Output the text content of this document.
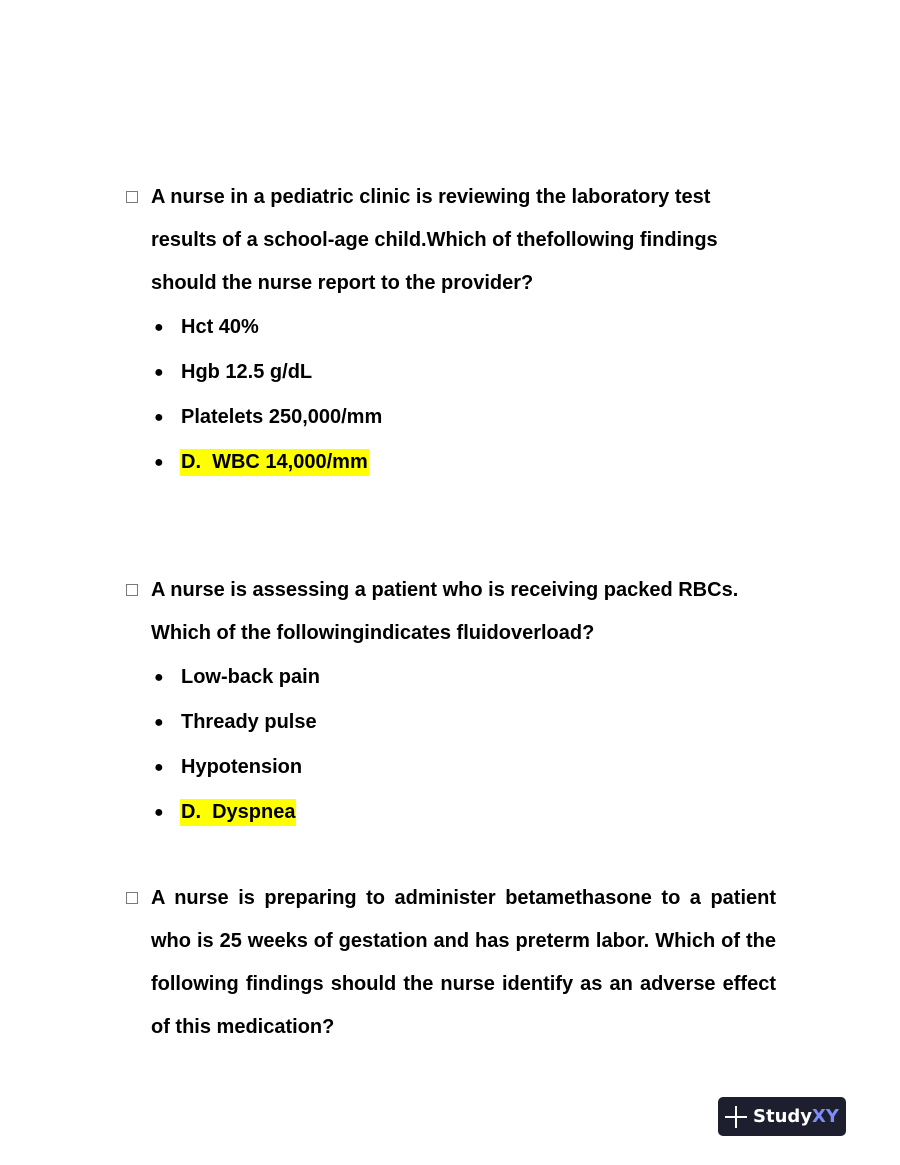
A nurse in a pediatric clinic is reviewing the laboratory test results of a school-age child.Which of thefollowing findings should the nurse report to the provider?
● Hct 40%
● Hgb 12.5 g/dL
● Platelets 250,000/mm
● D.  WBC 14,000/mm
A nurse is assessing a patient who is receiving packed RBCs. Which of the followingindicates fluidoverload?
● Low-back pain
● Thready pulse
● Hypotension
● D.  Dyspnea
A nurse is preparing to administer betamethasone to a patient who is 25 weeks of gestation and has preterm labor. Which of the following findings should the nurse identify as an adverse effect of this medication?
Study XY
